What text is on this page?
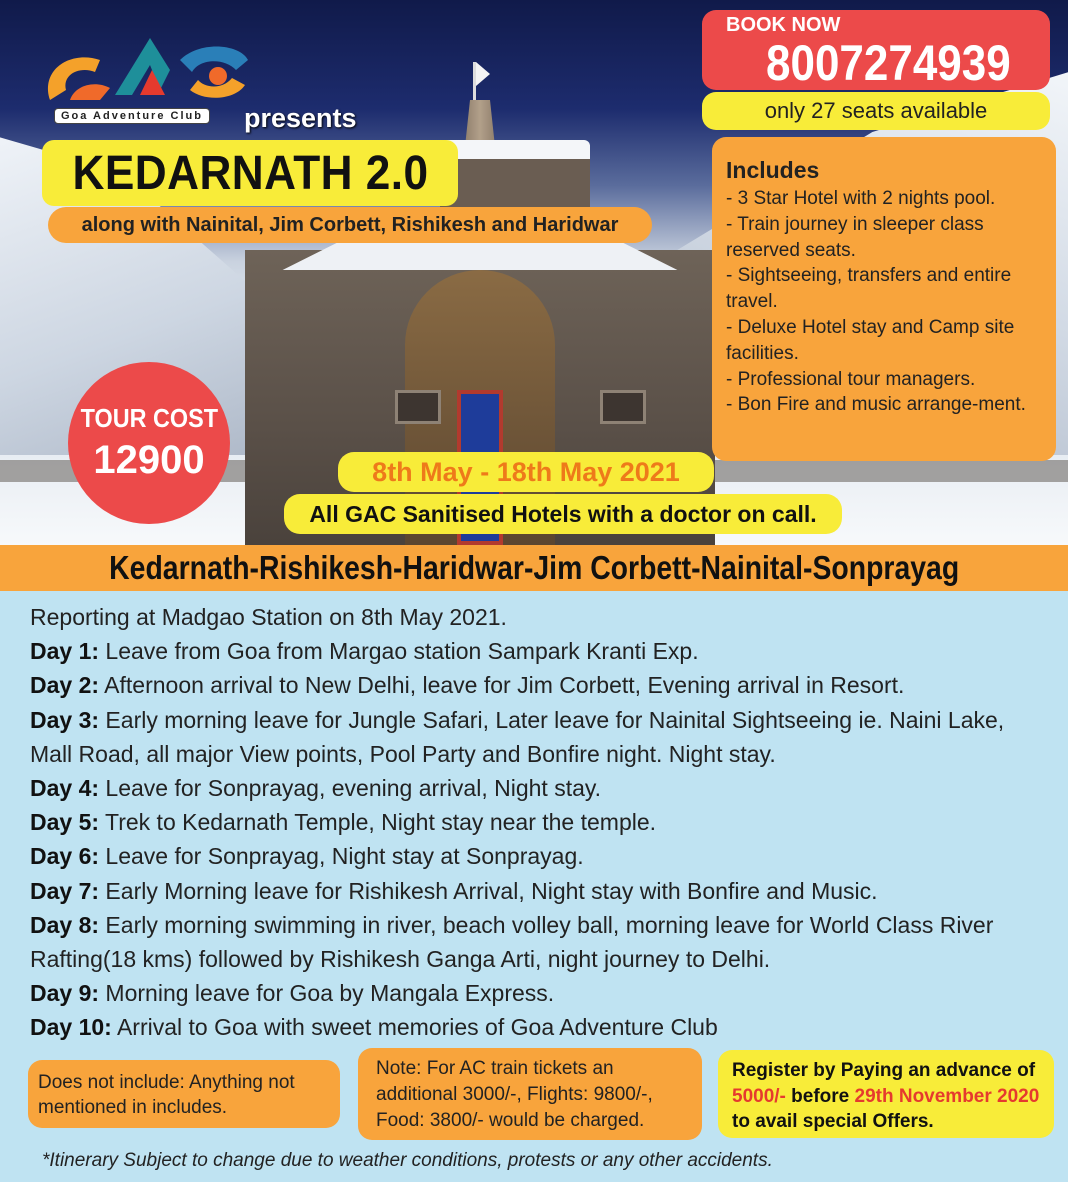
Goa Adventure Club presents
KEDARNATH 2.0
along with Nainital, Jim Corbett, Rishikesh and Haridwar
BOOK NOW
8007274939
only 27 seats available
Includes

- 3 Star Hotel with 2 nights pool.

- Train journey in sleeper class reserved seats.

- Sightseeing, transfers and entire travel.

- Deluxe Hotel stay and Camp site facilities.

- Professional tour managers.

- Bon Fire and music arrange-ment.

TOUR COST
12900	8th May - 18th May 2021
All GAC Sanitised Hotels with a doctor on call.
Kedarnath-Rishikesh-Haridwar-Jim Corbett-Nainital-Sonprayag
Reporting at Madgao Station on 8th May 2021.
Day 1: Leave from Goa from Margao station Sampark Kranti Exp.
Day 2: Afternoon arrival to New Delhi, leave for Jim Corbett, Evening arrival in Resort.
Day 3: Early morning leave for Jungle Safari, Later leave for Nainital Sightseeing ie. Naini Lake, Mall Road, all major View points, Pool Party and Bonfire night. Night stay.
Day 4: Leave for Sonprayag, evening arrival, Night stay.
Day 5: Trek to Kedarnath Temple, Night stay near the temple.
Day 6: Leave for Sonprayag, Night stay at Sonprayag.
Day 7: Early Morning leave for Rishikesh Arrival, Night stay with Bonfire and Music.
Day 8: Early morning swimming in river, beach volley ball, morning leave for World Class River Rafting(18 kms) followed by Rishikesh Ganga Arti, night journey to Delhi.
Day 9: Morning leave for Goa by Mangala Express.
Day 10: Arrival to Goa with sweet memories of Goa Adventure Club
Does not include: Anything not mentioned in includes.
Note: For AC train tickets an additional 3000/-, Flights: 9800/-, Food: 3800/- would be charged.

Register by Paying an advance of 5000/- before 29th November 2020 to avail special Offers.

*Itinerary Subject to change due to weather conditions, protests or any other accidents.
